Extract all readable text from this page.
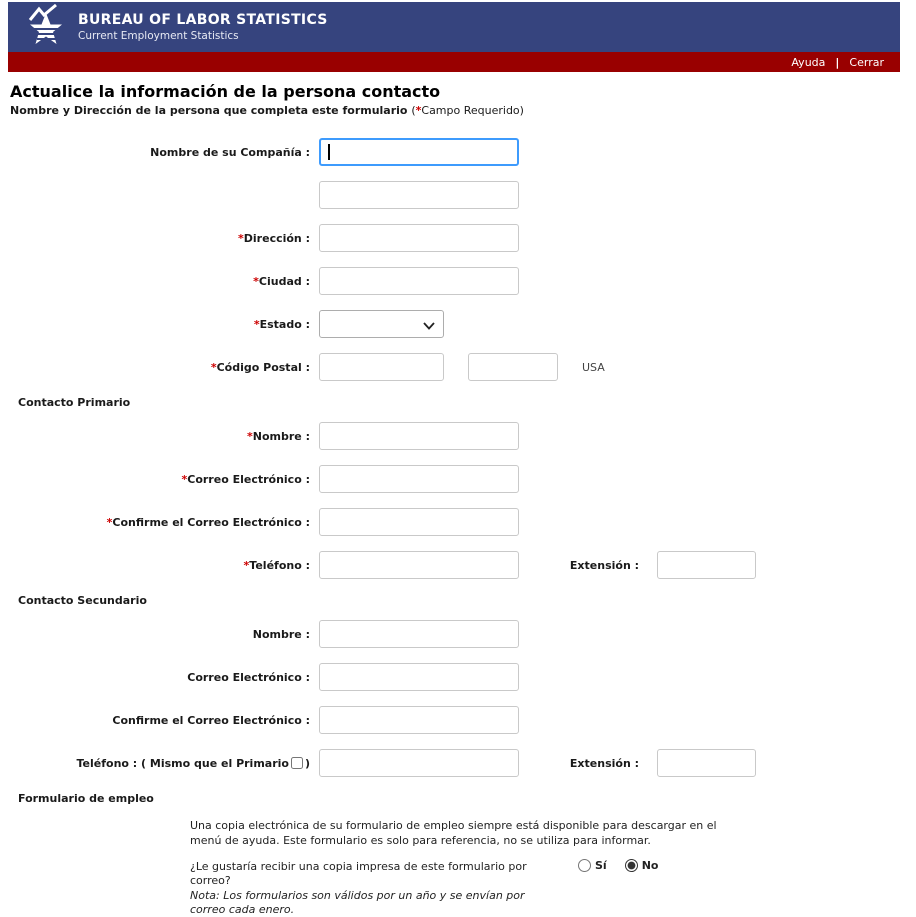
BUREAU OF LABOR STATISTICS
Current Employment Statistics
Ayuda | Cerrar
Actualice la información de la persona contacto

Nombre y Dirección de la persona que completa este formulario (*Campo Requerido)

Nombre de su Compañía :
*Dirección :
*Ciudad :
*Estado :
*Código Postal :	USA
Contacto Primario
*Nombre :
*Correo Electrónico :
*Confirme el Correo Electrónico :
*Teléfono :	Extensión :
Contacto Secundario
Nombre :
Correo Electrónico :
Confirme el Correo Electrónico :
Teléfono : ( Mismo que el Primario )	Extensión :
Formulario de empleo

Una copia electrónica de su formulario de empleo siempre está disponible para descargar en el menú de ayuda. Este formulario es solo para referencia, no se utiliza para informar.

¿Le gustaría recibir una copia impresa de este formulario por correo?

Nota: Los formularios son válidos por un año y se envían por correo cada enero.

Sí	No
